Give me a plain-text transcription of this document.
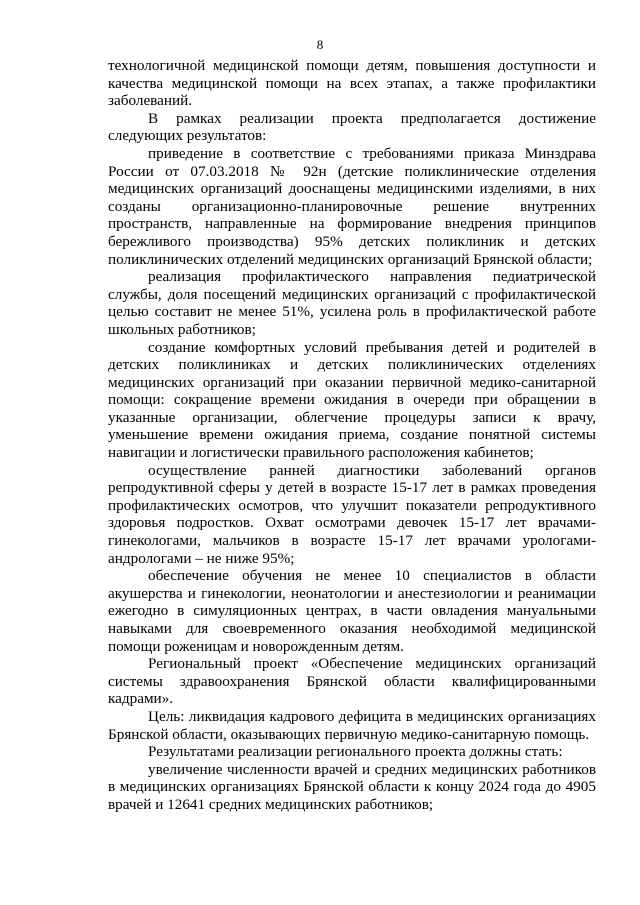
8

технологичной медицинской помощи детям, повышения доступности и качества медицинской помощи на всех этапах, а также профилактики заболеваний.

В рамках реализации проекта предполагается достижение следующих результатов:

приведение в соответствие с требованиями приказа Минздрава России от 07.03.2018 № 92н (детские поликлинические отделения медицинских организаций дооснащены медицинскими изделиями, в них созданы организационно-планировочные решение внутренних пространств, направленные на формирование внедрения принципов бережливого производства) 95% детских поликлиник и детских поликлинических отделений медицинских организаций Брянской области;

реализация профилактического направления педиатрической службы, доля посещений медицинских организаций с профилактической целью составит не менее 51%, усилена роль в профилактической работе школьных работников;

создание комфортных условий пребывания детей и родителей в детских поликлиниках и детских поликлинических отделениях медицинских организаций при оказании первичной медико-санитарной помощи: сокращение времени ожидания в очереди при обращении в указанные организации, облегчение процедуры записи к врачу, уменьшение времени ожидания приема, создание понятной системы навигации и логистически правильного расположения кабинетов;

осуществление ранней диагностики заболеваний органов репродуктивной сферы у детей в возрасте 15-17 лет в рамках проведения профилактических осмотров, что улучшит показатели репродуктивного здоровья подростков. Охват осмотрами девочек 15-17 лет врачами-гинекологами, мальчиков в возрасте 15-17 лет врачами урологами-андрологами – не ниже 95%;

обеспечение обучения не менее 10 специалистов в области акушерства и гинекологии, неонатологии и анестезиологии и реанимации ежегодно в симуляционных центрах, в части овладения мануальными навыками для своевременного оказания необходимой медицинской помощи роженицам и новорожденным детям.

Региональный проект «Обеспечение медицинских организаций системы здравоохранения Брянской области квалифицированными кадрами».

Цель: ликвидация кадрового дефицита в медицинских организациях Брянской области, оказывающих первичную медико-санитарную помощь.

Результатами реализации регионального проекта должны стать:

увеличение численности врачей и средних медицинских работников в медицинских организациях Брянской области к концу 2024 года до 4905 врачей и 12641 средних медицинских работников;
